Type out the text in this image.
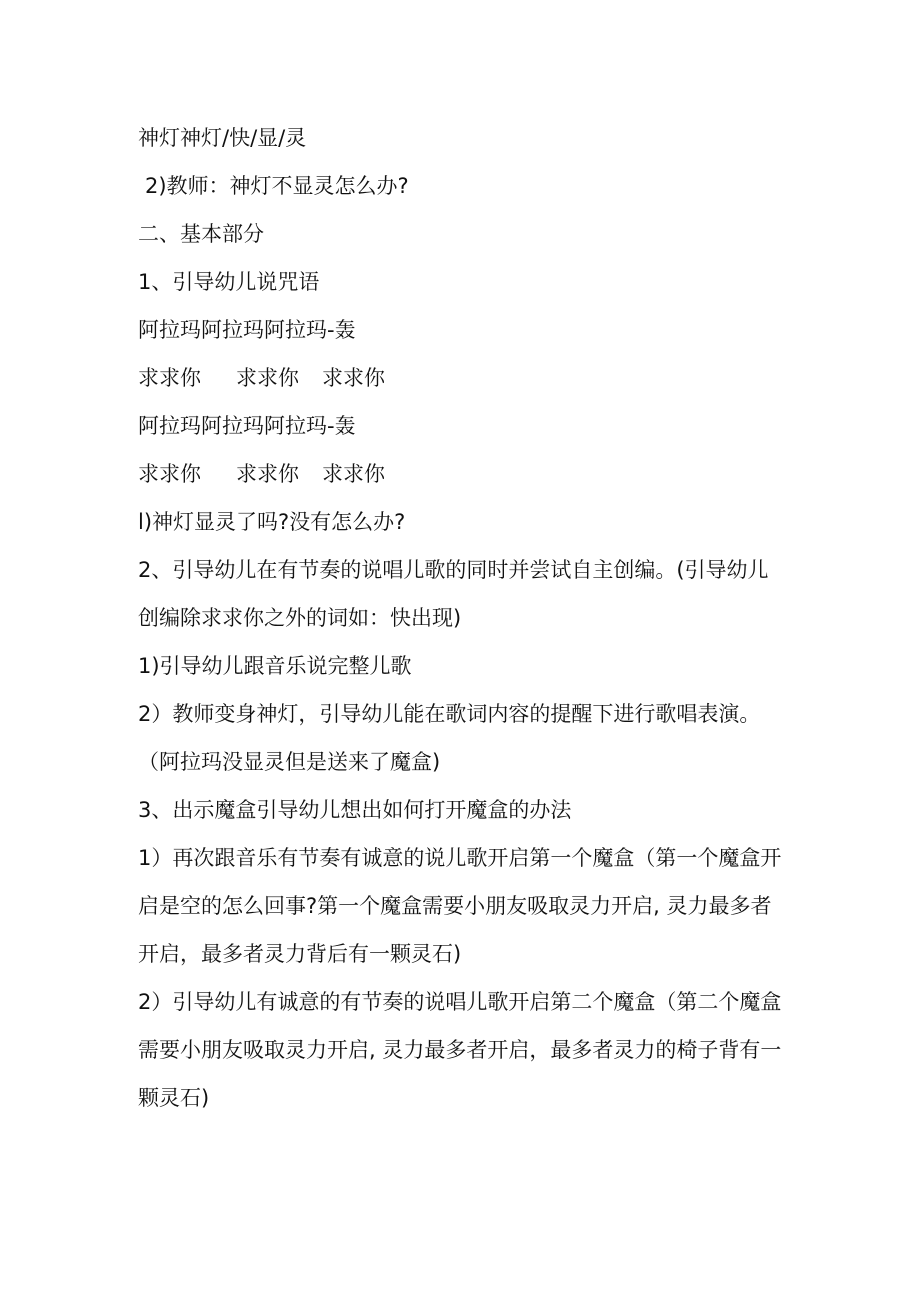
神灯神灯/快/显/灵
2)教师：神灯不显灵怎么办?
二、基本部分
1、引导幼儿说咒语
阿拉玛阿拉玛阿拉玛-轰
求求你	求求你	求求你
阿拉玛阿拉玛阿拉玛-轰
求求你	求求你	求求你
l)神灯显灵了吗?没有怎么办?
2、引导幼儿在有节奏的说唱儿歌的同时并尝试自主创编。(引导幼儿创编除求求你之外的词如：快出现)
1)引导幼儿跟音乐说完整儿歌
2）教师变身神灯，引导幼儿能在歌词内容的提醒下进行歌唱表演。（阿拉玛没显灵但是送来了魔盒)
3、出示魔盒引导幼儿想出如何打开魔盒的办法
1）再次跟音乐有节奏有诚意的说儿歌开启第一个魔盒（第一个魔盒开启是空的怎么回事?第一个魔盒需要小朋友吸取灵力开启, 灵力最多者开启，最多者灵力背后有一颗灵石)
2）引导幼儿有诚意的有节奏的说唱儿歌开启第二个魔盒（第二个魔盒需要小朋友吸取灵力开启, 灵力最多者开启，最多者灵力的椅子背有一颗灵石)
